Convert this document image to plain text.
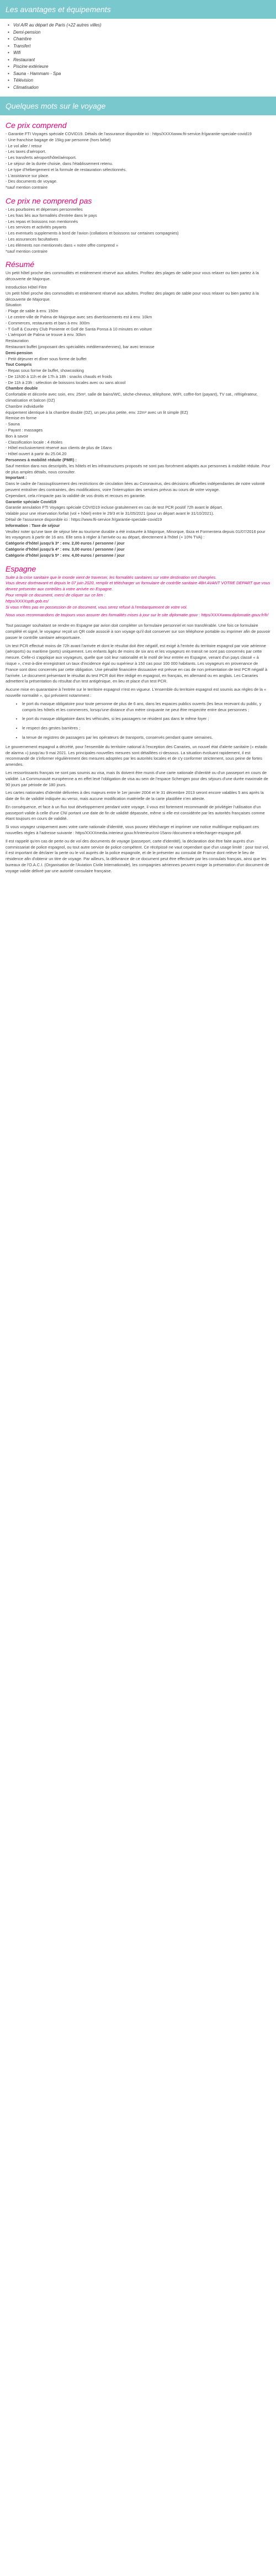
Les avantages et équipements
• Vol A/R au départ de Paris (+22 autres villes)
• Demi-pension
• Chambre
• Transfert
• Wifi
• Restaurant
• Piscine extérieure
• Sauna - Hammam - Spa
• Télévision
• Climatisation
Quelques mots sur le voyage
Ce prix comprend

- Garantie FTI Voyages spéciale COVID19. Détails de l'assurance disponible ici : https/XXXXwww.fti-service.fr/garantie-speciale-covid19

- Une franchise bagage de 15kg par personne (hors bébé)

- Le vol aller / retour

- Les taxes d'aéroport.

- Les transferts aéroport/hôtel/aéroport.

- Le séjour de la durée choisie, dans l'établissement retenu.

- Le type d'hébergement et la formule de restauration sélectionnés.

- L'assistance sur place.

- Des documents de voyage.

*sauf mention contraire

Ce prix ne comprend pas

- Les pourboires et dépenses personnelles

- Les frais liés aux formalités d'entrée dans le pays

- Les repas et boissons non mentionnés

- Les services et activités payants

- Les eventuels supplements à bord de l'avion (collations et boissons sur certaines compagnies)

- Les assurances facultatives

- Les éléments non mentionnés dans « notre offre comprend »

*sauf mention contraire

Résumé

Un petit hôtel proche des commodités et entièrement réservé aux adultes. Profitez des plages de sable pour vous relaxer ou bien partez à la découverte de Majorque.

Introduction Hôtel Fitre

Un petit hôtel proche des commodités et entièrement réservé aux adultes. Profitez des plages de sable pour vous relaxer ou bien partez à la découverte de Majorque.

Situation

- Plage de sable à env. 150m

- Le centre-ville de Palma de Majorque avec ses divertissements est à env. 10km

- Commerces, restaurants et bars à env. 300m

- T Golf & Country Club Poniente et Golf de Santa Ponsa à 10 minutes en voiture

- L'aéroport de Palma se trouve à env. 30km

Restauration

Restaurant buffet (proposant des spécialités méditerranéennes), bar avec terrasse

Demi-pension

- Petit déjeuner et dîner sous forme de buffet

Tout Compris

- Repas sous forme de buffet, showcooking

- De 11h30 à 11h et de 17h à 18h : snacks chauds et froids

- De 11h à 23h : sélection de boissons locales avec ou sans alcool

Chambre double

Confortable et décorée avec soin, env. 25m², salle de bains/WC, sèche-cheveux, téléphone, WIFI, coffre-fort (payant), TV sat., réfrigérateur, climatisation et balcon (DZ)

Chambre individuelle

équipement identique à la chambre double (DZ), un peu plus petite, env. 22m² avec un lit simple (EZ)

Remise en forme

- Sauna

- Payant : massages

Bon à savoir

- Classification locale : 4 étoiles

- Hôtel exclusivement réservé aux clients de plus de 16ans

- Hôtel ouvert à partir du 25.04.20

Personnes à mobilité réduite (PMR) :

Sauf mention dans nos descriptifs, les hôtels et les infrastructures proposés ne sont pas forcément adaptés aux personnes à mobilité réduite. Pour de plus amples détails, nous consulter.

Important :

Dans le cadre de l'assouplissement des restrictions de circulation liées au Coronavirus, des décisions officielles indépendantes de notre volonté peuvent entraîner des contraintes, des modifications, voire l'interruption des services prévus au cours de votre voyage.

Cependant, cela n'impacte pas la validité de vos droits et recours en garantie.

Garantie spéciale Covid19

Garantie annulation FTI Voyages spéciale COVID19 incluse gratuitement en cas de test PCR positif 72h avant le départ.

Valable pour une réservation forfait (vol + hôtel) entre le 29/3 et le 31/05/2021 (pour un départ avant le 31/10/2021).

Détail de l'assurance disponible ici : https://www.fti-service.fr/garantie-speciale-covid19

Information : Taxe de séjour

Veuillez noter qu'une taxe de séjour liée au tourisme durable a été instaurée à Majorque, Minorque, Ibiza et Formentera depuis 01/07/2016 pour les voyageurs à partir de 16 ans. Elle sera à régler à l'arrivée ou au départ, directement à l'hôtel (+ 10% TVA) :

Catégorie d'hôtel jusqu'à 3* : env. 2,00 euros / personne / jour

Catégorie d'hôtel jusqu'à 4* : env. 3,00 euros / personne / jour

Catégorie d'hôtel jusqu'à 5* : env. 4,00 euros / personne / jour

Espagne

Suite à la crise sanitaire que le monde vient de traverser, les formalités sanitaires sur votre destination ont changées.

Vous devez dorénavant et depuis le 07 juin 2020, remplir et télécharger un formulaire de contrôle sanitaire 48H AVANT VOTRE DEPART que vous devrez présenter aux contrôles à votre arrivée en Espagne.

Pour remplir ce document, merci de cliquer sur ce lien :

https/XXXXspth.gob.es/

Si vous n'êtes pas en possession de ce document, vous serez refusé à l'embarquement de votre vol.

Nous vous recommandons de toujours vous assurer des formalités mises à jour sur le site diplomatie.gouv : https/XXXXwww.diplomatie.gouv.fr/fr/

Tout passager souhaitant se rendre en Espagne par avion doit compléter un formulaire personnel et non transférable. Une fois ce formulaire complété et signé, le voyageur reçoit un QR code associé à son voyage qu'il doit conserver sur son téléphone portable ou imprimer afin de pouvoir passer le contrôle sanitaire aéroportuaire.

Un test PCR effectué moins de 72h avant l'arrivée et dont le résultat doit être négatif, est exigé à l'entrée du territoire espagnol par voie aérienne (aéroports) ou maritime (ports) uniquement. Les enfants âgés de moins de six ans et les voyageurs en transit ne sont pas concernés par cette mesure. Celle-ci s'applique aux voyageurs, quelle que soit leur nationalité et le motif de leur entrée en Espagne, venant d'un pays classé « à risque », c'est-à-dire enregistrant un taux d'incidence égal ou supérieur à 150 cas pour 100 000 habitants. Les voyageurs en provenance de France sont donc concernés par cette obligation. Une pénalité financière dissuasive est prévue en cas de non présentation de test PCR négatif à l'arrivée. Le document présentant le résultat du test PCR doit être rédigé en espagnol, en français, en allemand ou en anglais. Les Canaries admettent la présentation du résultat d'un test antigénique, en lieu et place d'un test PCR.

Aucune mise en quarantaine à l'entrée sur le territoire espagnol n'est en vigueur. L'ensemble du territoire espagnol est soumis aux règles de la « nouvelle normalité », qui prévoient notamment :

• le port du masque obligatoire pour toute personne de plus de 6 ans, dans les espaces publics ouverts (les lieux recevant du public, y compris les hôtels et les commerces, lorsqu'une distance d'un mètre cinquante ne peut être respectée entre deux personnes ;
• le port du masque obligatoire dans les véhicules, si les passagers ne résident pas dans le même foyer ;
• le respect des gestes barrières ;
• la tenue de registres de passagers par les opérateurs de transports, conservés pendant quatre semaines.

Le gouvernement espagnol a décrété, pour l'ensemble du territoire national à l'exception des Canaries, un nouvel état d'alerte sanitaire (« estado de alarma ») jusqu'au 9 mai 2021. Les principales nouvelles mesures sont détaillées ci-dessous. La situation évoluant rapidement, il est recommandé de s'informer régulièrement des mesures adoptées par les autorités locales et de s'y conformer strictement, sous peine de fortes amendes.

Les ressortissants français ne sont pas soumis au visa, mais ils doivent être munis d'une carte nationale d'identité ou d'un passeport en cours de validité. La Communauté européenne a en effet levé l'obligation de visa au sein de l'espace Schengen pour des séjours d'une durée maximale de 90 jours par période de 180 jours.

Les cartes nationales d'identité délivrées à des majeurs entre le 1er janvier 2004 et le 31 décembre 2013 seront encore valables 5 ans après la date de fin de validité indiquée au verso, mais aucune modification matérielle de la carte plastifiée n'en atteste.

En conséquence, et face à un flux tout développement pendant votre voyage, il vous est fortement recommandé de privilégier l'utilisation d'un passeport valide à celle d'une CNI portant une date de fin de validité dépassée, même si elle est considérée par les autorités françaises comme étant toujours en cours de validité.

Si vous voyagez uniquement avec votre carte nationale d'identité, vous pouvez télécharger et imprimer une notice multilingue expliquant ces nouvelles règles à l'adresse suivante : https/XXXXmedia.interieur.gouv.fr/interieur/cni-15ans-/document-a-telecharger-espagne.pdf.

Il est rappelé qu'en cas de perte ou de vol des documents de voyage (passeport, carte d'identité), la déclaration doit être faite auprès d'un commissariat de police espagnol, ou tout autre service de police compétent. Ce récépissé ne vaut cependant que d'un usage limité : pour tout vol, il est important de déclarer la perte ou le vol auprès de la police espagnole, et de le présenter au consulat de France dont relève le lieu de résidence afin d'obtenir un titre de voyage. Par ailleurs, la délivrance de ce document peut être effectuée par les consulats français, ainsi que les bureaux de l'O.A.C.I. (Organisation de l'Aviation Civile Internationale), les compagnies aériennes peuvent exiger la présentation d'un document de voyage valide délivré par une autorité consulaire française.
